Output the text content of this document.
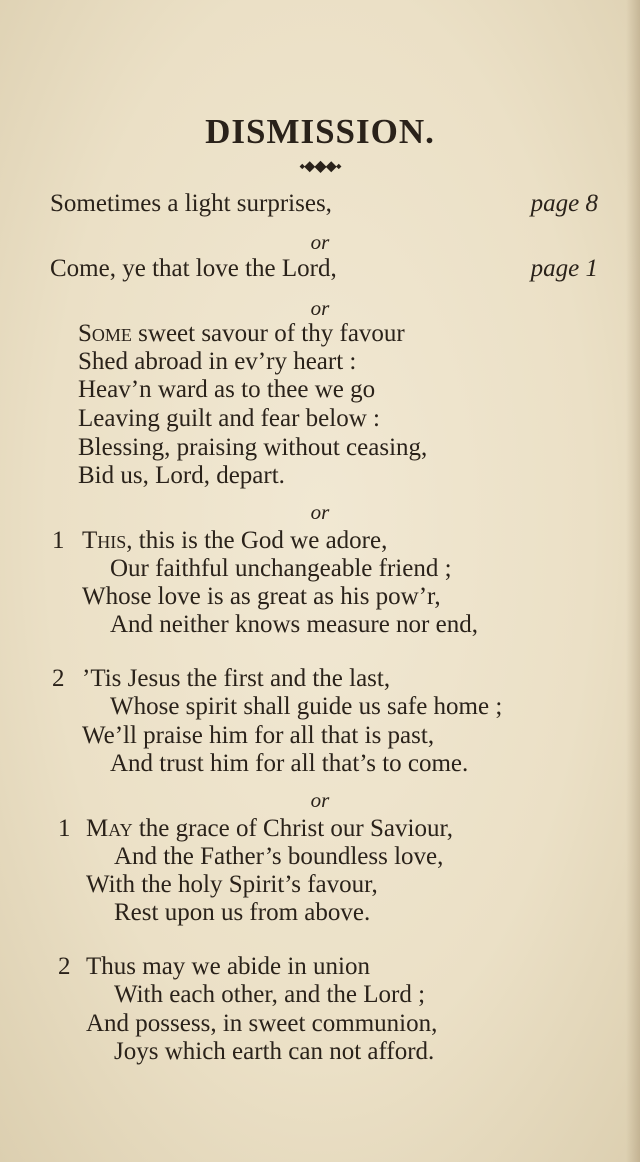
DISMISSION.
⬩⬥◆⬥⬩
Sometimes a light surprises,	page 8
or
Come, ye that love the Lord,	page 1
or
Some sweet savour of thy favour
Shed abroad in ev’ry heart :
Heav’n ward as to thee we go
Leaving guilt and fear below :
Blessing, praising without ceasing,
Bid us, Lord, depart.
or
1 This, this is the God we adore,
Our faithful unchangeable friend ;
Whose love is as great as his pow’r,
And neither knows measure nor end,
2 ’Tis Jesus the first and the last,
Whose spirit shall guide us safe home ;
We’ll praise him for all that is past,
And trust him for all that’s to come.
or
1 May the grace of Christ our Saviour,
And the Father’s boundless love,
With the holy Spirit’s favour,
Rest upon us from above.
2 Thus may we abide in union
With each other, and the Lord ;
And possess, in sweet communion,
Joys which earth can not afford.
